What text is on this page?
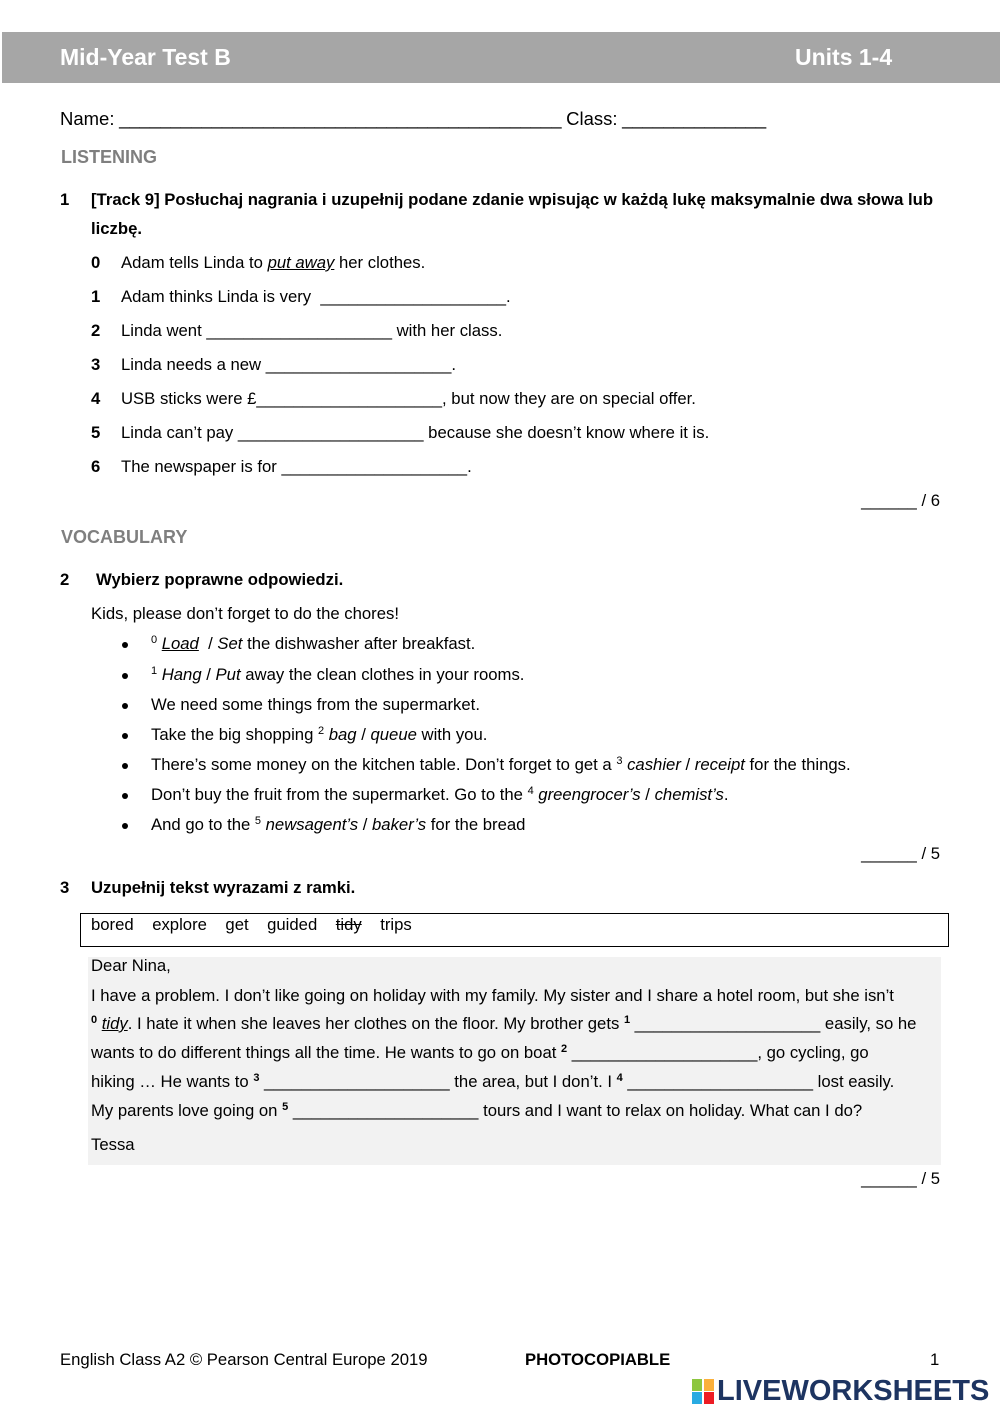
Mid-Year Test B	Units 1-4
Name: ___________________________________________ Class: ______________
LISTENING
1 [Track 9] Posłuchaj nagrania i uzupełnij podane zdanie wpisując w każdą lukę maksymalnie dwa słowa lub liczbę.
0	Adam tells Linda to put away her clothes.
1	Adam thinks Linda is very ____________________ .
2	Linda went ____________________ with her class.
3	Linda needs a new ____________________ .
4	USB sticks were £ ____________________ , but now they are on special offer.
5	Linda can’t pay ____________________ because she doesn’t know where it is.
6	The newspaper is for ____________________ .
______ / 6
VOCABULARY
2 Wybierz poprawne odpowiedzi.
Kids, please don’t forget to do the chores!
0 Load / Set the dishwasher after breakfast.
1 Hang / Put away the clean clothes in your rooms.
We need some things from the supermarket.
Take the big shopping 2 bag / queue with you.
There’s some money on the kitchen table. Don’t forget to get a 3 cashier / receipt for the things.
Don’t buy the fruit from the supermarket. Go to the 4 greengrocer’s / chemist’s .
And go to the 5 newsagent’s / baker’s for the bread
______ / 5
3 Uzupełnij tekst wyrazami z ramki.
bored explore get guided tidy trips
Dear Nina,
I have a problem. I don’t like going on holiday with my family. My sister and I share a hotel room, but she isn’t
0 tidy . I hate it when she leaves her clothes on the floor. My brother gets 1 ____________________ easily, so he
wants to do different things all the time. He wants to go on boat 2 ____________________ , go cycling, go
hiking … He wants to 3 ____________________ the area, but I don’t. I 4 ____________________ lost easily.
My parents love going on 5 ____________________ tours and I want to relax on holiday. What can I do?
Tessa
______ / 5
English Class A2 © Pearson Central Europe 2019	PHOTOCOPIABLE	1
LIVEWORKSHEETS
